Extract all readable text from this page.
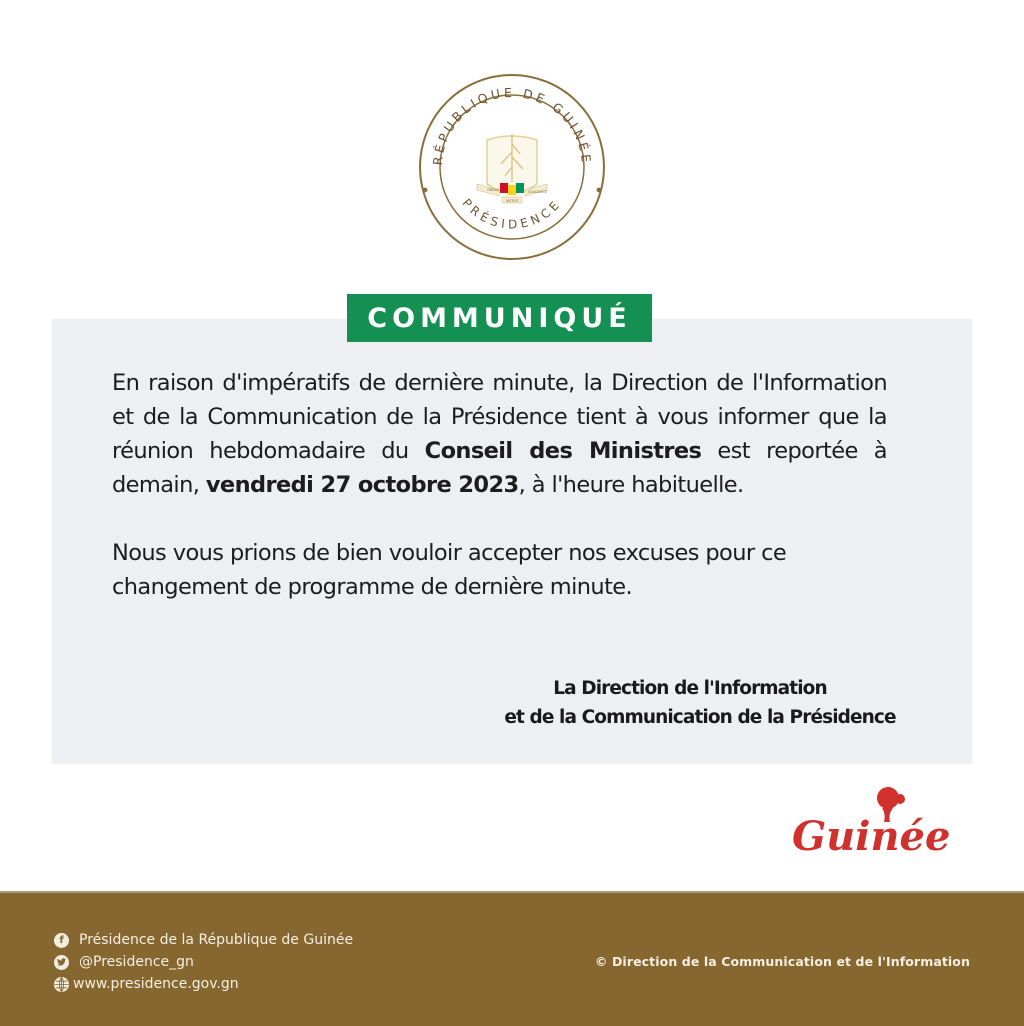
RÉPUBLIQUE DE GUINÉE
PRÉSIDENCE
TRAVAIL
JUSTICE
SOLIDARITÉ
COMMUNIQUÉ

En raison d'impératifs de dernière minute, la Direction de l'Information et de la Communication de la Présidence tient à vous informer que la réunion hebdomadaire du Conseil des Ministres est reportée à demain, vendredi 27 octobre 2023, à l'heure habituelle.

Nous vous prions de bien vouloir accepter nos excuses pour ce changement de programme de dernière minute.

La Direction de l'Information
et de la Communication de la Présidence
Guinée
f	Présidence de la République de Guinée
@Presidence_gn
www.presidence.gov.gn
© Direction de la Communication et de l'Information
